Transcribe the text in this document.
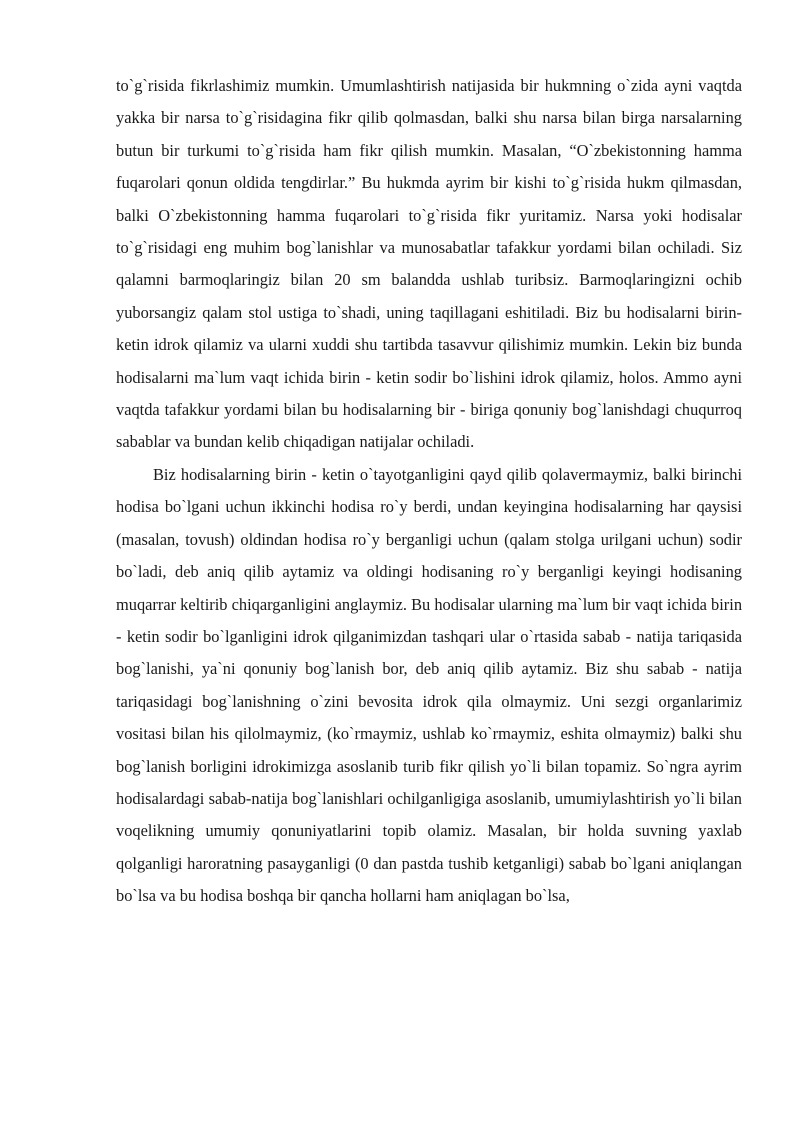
to`g`risida fikrlashimiz mumkin. Umumlashtirish natijasida bir hukmning o`zida ayni vaqtda yakka bir narsa to`g`risidagina fikr qilib qolmasdan, balki shu narsa bilan birga narsalarning butun bir turkumi to`g`risida ham fikr qilish mumkin. Masalan, “O`zbekistonning hamma fuqarolari qonun oldida tengdirlar.” Bu hukmda ayrim bir kishi to`g`risida hukm qilmasdan, balki O`zbekistonning hamma fuqarolari to`g`risida fikr yuritamiz. Narsa yoki hodisalar to`g`risidagi eng muhim bog`lanishlar va munosabatlar tafakkur yordami bilan ochiladi. Siz qalamni barmoqlaringiz bilan 20 sm balandda ushlab turibsiz. Barmoqlaringizni ochib yuborsangiz qalam stol ustiga to`shadi, uning taqillagani eshitiladi. Biz bu hodisalarni birin-ketin idrok qilamiz va ularni xuddi shu tartibda tasavvur qilishimiz mumkin. Lekin biz bunda hodisalarni ma`lum vaqt ichida birin - ketin sodir bo`lishini idrok qilamiz, holos. Ammo ayni vaqtda tafakkur yordami bilan bu hodisalarning bir - biriga qonuniy bog`lanishdagi chuqurroq sabablar va bundan kelib chiqadigan natijalar ochiladi.

Biz hodisalarning birin - ketin o`tayotganligini qayd qilib qolavermaymiz, balki birinchi hodisa bo`lgani uchun ikkinchi hodisa ro`y berdi, undan keyingina hodisalarning har qaysisi (masalan, tovush) oldindan hodisa ro`y berganligi uchun (qalam stolga urilgani uchun) sodir bo`ladi, deb aniq qilib aytamiz va oldingi hodisaning ro`y berganligi keyingi hodisaning muqarrar keltirib chiqarganligini anglaymiz. Bu hodisalar ularning ma`lum bir vaqt ichida birin - ketin sodir bo`lganligini idrok qilganimizdan tashqari ular o`rtasida sabab - natija tariqasida bog`lanishi, ya`ni qonuniy bog`lanish bor, deb aniq qilib aytamiz. Biz shu sabab - natija tariqasidagi bog`lanishning o`zini bevosita idrok qila olmaymiz. Uni sezgi organlarimiz vositasi bilan his qilolmaymiz, (ko`rmaymiz, ushlab ko`rmaymiz, eshita olmaymiz) balki shu bog`lanish borligini idrokimizga asoslanib turib fikr qilish yo`li bilan topamiz. So`ngra ayrim hodisalardagi sabab-natija bog`lanishlari ochilganligiga asoslanib, umumiylashtirish yo`li bilan voqelikning umumiy qonuniyatlarini topib olamiz. Masalan, bir holda suvning yaxlab qolganligi haroratning pasayganligi (0 dan pastda tushib ketganligi) sabab bo`lgani aniqlangan bo`lsa va bu hodisa boshqa bir qancha hollarni ham aniqlagan bo`lsa,
